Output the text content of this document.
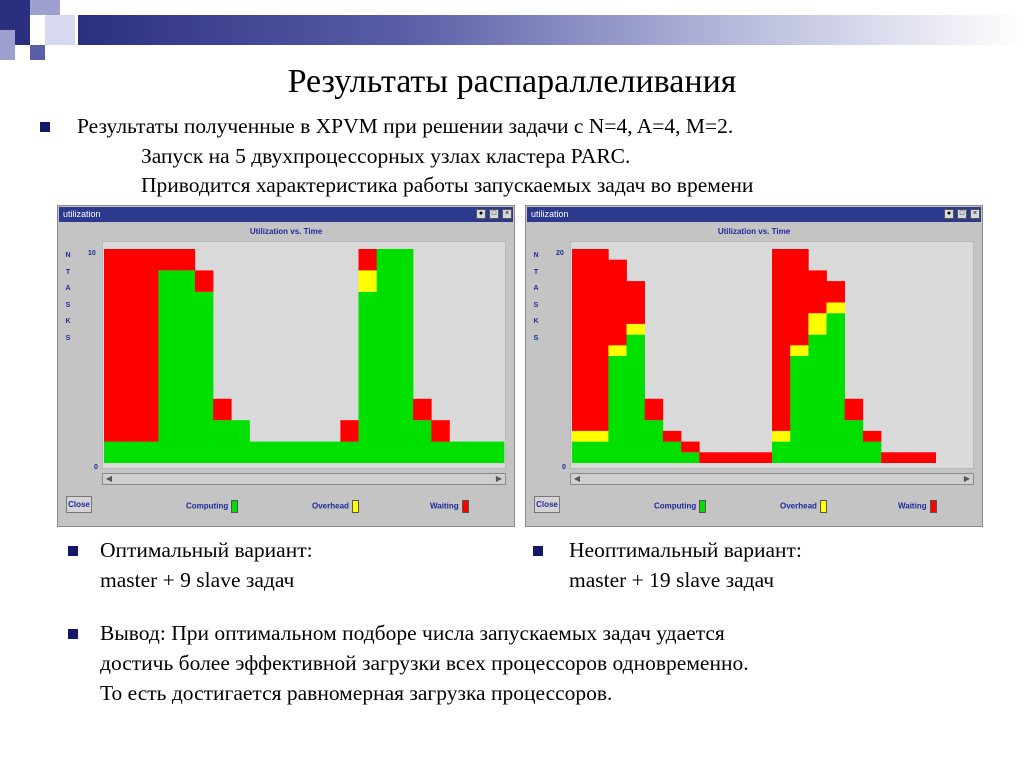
Результаты распараллеливания
Результаты полученные в XPVM при решении задачи с N=4, A=4, M=2.
Запуск на 5 двухпроцессорных узлах кластера PARC.
Приводится характеристика работы запускаемых задач во времени
utilization	●	□	×
Utilization vs. Time
N
T
A
S
K
S
10
0
◀	▶
Close	Computing	Overhead	Waiting
utilization	●	□	×
Utilization vs. Time
N
T
A
S
K
S
20
0
◀	▶
Close	Computing	Overhead	Waiting
Оптимальный вариант:
master + 9 slave задач
Неоптимальный вариант:
master + 19 slave задач
Вывод: При оптимальном подборе числа запускаемых задач удается
достичь более эффективной загрузки всех процессоров одновременно.
То есть достигается равномерная загрузка процессоров.
